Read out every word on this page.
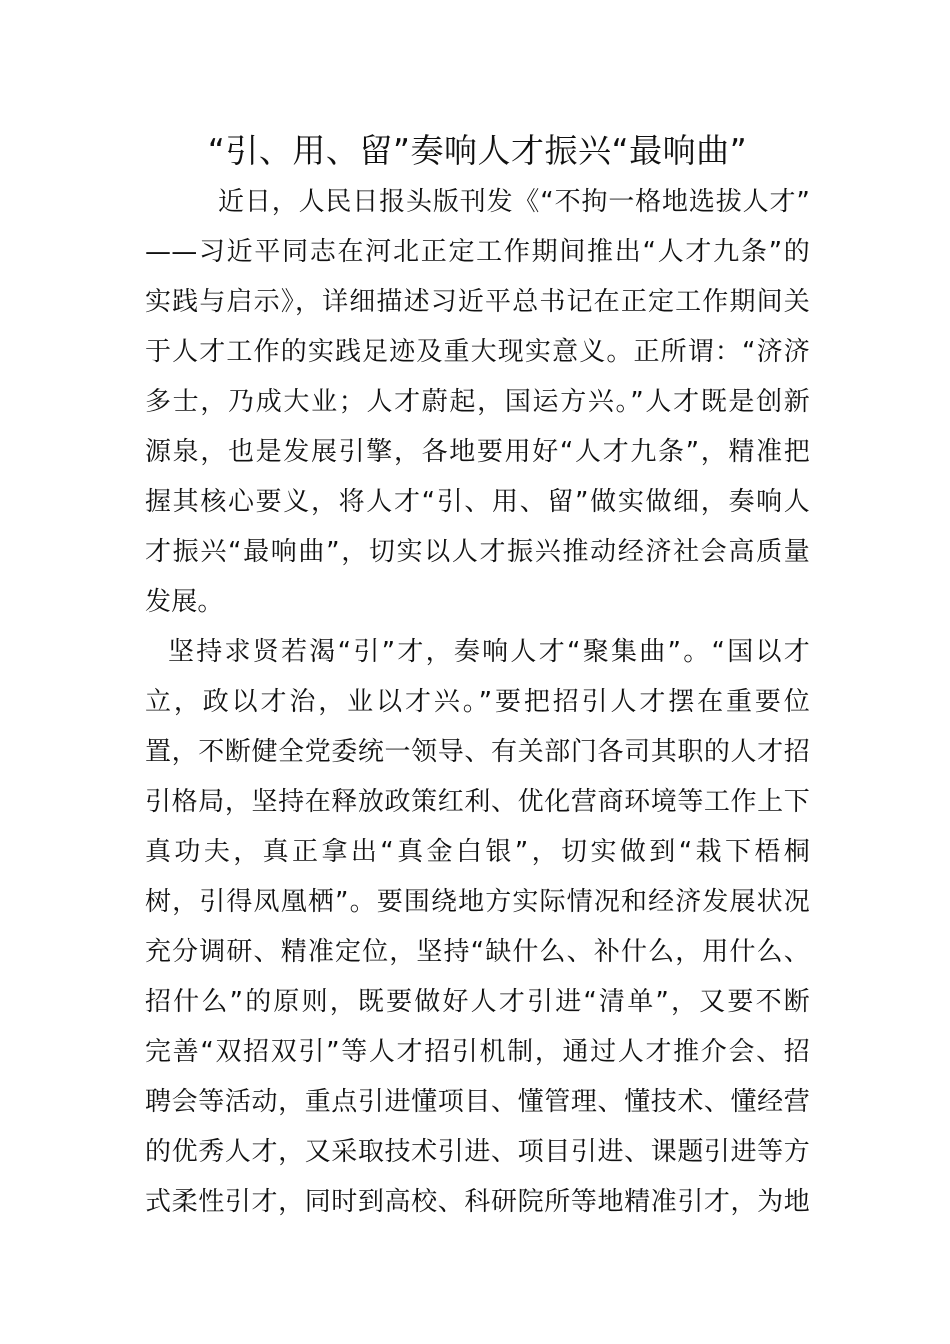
“引、用、留”奏响人才振兴“最响曲”
近日，人民日报头版刊发《“不拘一格地选拔人才”
——习近平同志在河北正定工作期间推出“人才九条”的
实践与启示》，详细描述习近平总书记在正定工作期间关
于人才工作的实践足迹及重大现实意义。正所谓：“济济
多士，乃成大业；人才蔚起，国运方兴。”人才既是创新
源泉，也是发展引擎，各地要用好“人才九条”，精准把
握其核心要义，将人才“引、用、留”做实做细，奏响人
才振兴“最响曲”，切实以人才振兴推动经济社会高质量
发展。
坚持求贤若渴“引”才，奏响人才“聚集曲”。“国以才
立，政以才治，业以才兴。”要把招引人才摆在重要位
置，不断健全党委统一领导、有关部门各司其职的人才招
引格局，坚持在释放政策红利、优化营商环境等工作上下
真功夫，真正拿出“真金白银”，切实做到“栽下梧桐
树，引得凤凰栖”。要围绕地方实际情况和经济发展状况
充分调研、精准定位，坚持“缺什么、补什么，用什么、
招什么”的原则，既要做好人才引进“清单”，又要不断
完善“双招双引”等人才招引机制，通过人才推介会、招
聘会等活动，重点引进懂项目、懂管理、懂技术、懂经营
的优秀人才，又采取技术引进、项目引进、课题引进等方
式柔性引才，同时到高校、科研院所等地精准引才，为地
